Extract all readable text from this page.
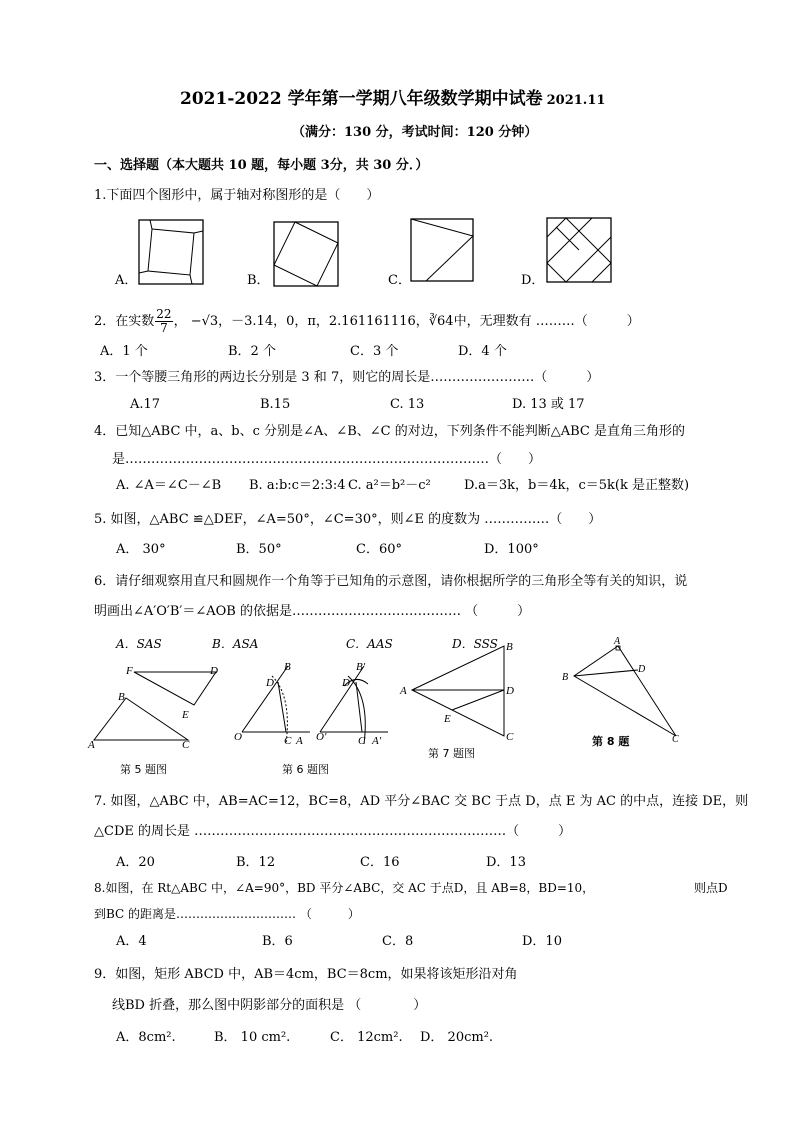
2021-2022 学年第一学期八年级数学期中试卷 2021.11
（满分：130 分，考试时间：120 分钟）
一、选择题（本大题共 10 题，每小题 3分，共 30 分．）
1.下面四个图形中，属于轴对称图形的是（　　）
A．	B．	C．	D．
2．在实数 $\frac{22}{7}$ ， −√3，－3.14，0，π，2.161161116，∛64中，无理数有 ………（　　　）
A．1 个	B．2 个	C．3 个	D．4 个
3．一个等腰三角形的两边长分别是 3 和 7，则它的周长是……………………（　　　）
A.17	B.15	C. 13	D. 13 或 17
4．已知△ABC 中，a、b、c 分别是∠A、∠B、∠C 的对边，下列条件不能判断△ABC 是直角三角形的
是…………………………………………………………………………（　　）
A. ∠A＝∠C－∠B B. a:b:c＝2:3:4 C. a²＝b²－c²	D.a＝3k，b＝4k，c＝5k(k 是正整数)
5. 如图，△ABC ≌△DEF，∠A=50°，∠C=30°，则∠E 的度数为 ……………（　　）
A． 30°	B．50°	C．60°	D．100°
6．请仔细观察用直尺和圆规作一个角等于已知角的示意图，请你根据所学的三角形全等有关的知识，说
明画出∠A′O′B′＝∠AOB 的依据是………………………………… （　　　）
A．SAS	B．ASA	C．AAS	D．SSS
F	D
E
B
A	C
第 5 题图
O	C A
D
B
O′	C A′
D
B′
第 6 题图
A
B
D
C
E
第 7 题图
A
B
D
C
第 8 题
7. 如图，△ABC 中，AB=AC=12，BC=8，AD 平分∠BAC 交 BC 于点 D，点 E 为 AC 的中点，连接 DE，则
△CDE 的周长是 ………………………………………………………………（　　　）
A．20	B．12	C．16	D．13
8.如图，在 Rt△ABC 中，∠A=90°，BD 平分∠ABC，交 AC 于点D，且 AB=8，BD=10，	则点D
到BC 的距离是………………………… （　　　）
A．4	B．6	C．8	D．10
9．如图，矩形 ABCD 中，AB＝4cm，BC＝8cm，如果将该矩形沿对角
线BD 折叠，那么图中阴影部分的面积是 （　　　　）
A．8cm².	B． 10 cm².	C． 12cm². D． 20cm².
